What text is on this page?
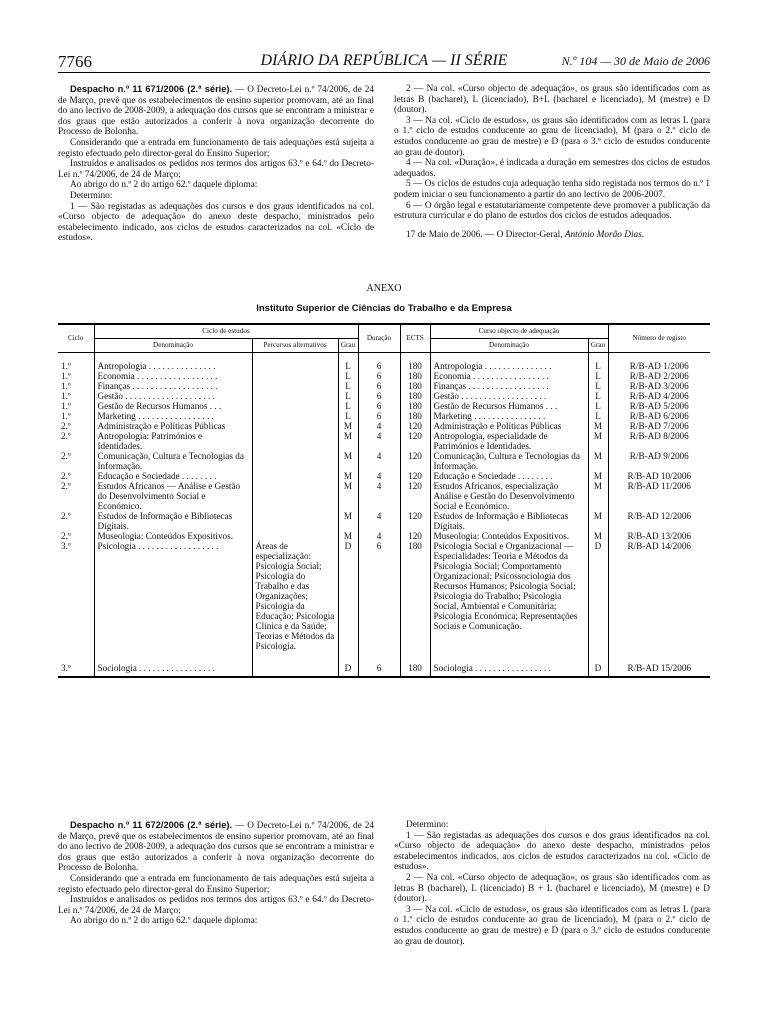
7766	DIÁRIO DA REPÚBLICA — II SÉRIE	N.º 104 — 30 de Maio de 2006

Despacho n.º 11 671/2006 (2.ª série). — O Decreto-Lei n.º 74/2006, de 24 de Março, prevê que os estabelecimentos de ensino superior promovam, até ao final do ano lectivo de 2008-2009, a adequação dos cursos que se encontram a ministrar e dos graus que estão autorizados a conferir à nova organização decorrente do Processo de Bolonha.

Considerando que a entrada em funcionamento de tais adequações está sujeita a registo efectuado pelo director-geral do Ensino Superior;

Instruídos e analisados os pedidos nos termos dos artigos 63.º e 64.º do Decreto-Lei n.º 74/2006, de 24 de Março;

Ao abrigo do n.º 2 do artigo 62.º daquele diploma:

Determino:

1 — São registadas as adequações dos cursos e dos graus identificados na col. «Curso objecto de adequação» do anexo deste despacho, ministrados pelo estabelecimento indicado, aos ciclos de estudos caracterizados na col. «Ciclo de estudos».

2 — Na col. «Curso objecto de adequação», os graus são identificados com as letras B (bacharel), L (licenciado), B+L (bacharel e licenciado), M (mestre) e D (doutor).

3 — Na col. «Ciclo de estudos», os graus são identificados com as letras L (para o 1.º ciclo de estudos conducente ao grau de licenciado), M (para o 2.º ciclo de estudos conducente ao grau de mestre) e D (para o 3.º ciclo de estudos conducente ao grau de doutor).

4 — Na col. «Duração», é indicada a duração em semestres dos ciclos de estudos adequados.

5 — Os ciclos de estudos cuja adequação tenha sido registada nos termos do n.º 1 podem iniciar o seu funcionamento a partir do ano lectivo de 2006-2007.

6 — O órgão legal e estatutariamente competente deve promover a publicação da estrutura curricular e do plano de estudos dos ciclos de estudos adequados.

17 de Maio de 2006. — O Director-Geral, António Morão Dias.

ANEXO
Instituto Superior de Ciências do Trabalho e da Empresa
Ciclo	Ciclo de estudos			Duração	ECTS	Curso objecto de adequação		Número de registo
	Denominação	Percursos alternativos	Grau			Denominação	Grau	
1.º	Antropologia . . . . . . . . . . . . . . .		L	6	180	Antropologia . . . . . . . . . . . . . . .	L	R/B-AD 1/2006
1.º	Economia . . . . . . . . . . . . . . . . . .		L	6	180	Economia . . . . . . . . . . . . . . . . .	L	R/B-AD 2/2006
1.º	Finanças . . . . . . . . . . . . . . . . . . .		L	6	180	Finanças . . . . . . . . . . . . . . . . . .	L	R/B-AD 3/2006
1.º	Gestão . . . . . . . . . . . . . . . . . . . .		L	6	180	Gestão . . . . . . . . . . . . . . . . . . .	L	R/B-AD 4/2006
1.º	Gestão de Recursos Humanos . . .		L	6	180	Gestão de Recursos Humanos . . .	L	R/B-AD 5/2006
1.º	Marketing . . . . . . . . . . . . . . . . .		L	6	180	Marketing . . . . . . . . . . . . . . . .	L	R/B-AD 6/2006
2.º	Administração e Políticas Públicas		M	4	120	Administração e Políticas Públicas	M	R/B-AD 7/2006
2.º	Antropologia: Patrimónios e Identidades.		M	4	120	Antropologia, especialidade de Patrimónios e Identidades.	M	R/B-AD 8/2006
2.º	Comunicação, Cultura e Tecnologias da Informação.		M	4	120	Comunicação, Cultura e Tecnologias da Informação.	M	R/B-AD 9/2006
2.º	Educação e Sociedade . . . . . . . .		M	4	120	Educação e Sociedade . . . . . . . .	M	R/B-AD 10/2006
2.º	Estudos Africanos — Análise e Gestão do Desenvolvimento Social e Económico.		M	4	120	Estudos Africanos, especialização Análise e Gestão do Desenvolvimento Social e Económico.	M	R/B-AD 11/2006
2.º	Estudos de Informação e Bibliotecas Digitais.		M	4	120	Estudos de Informação e Bibliotecas Digitais.	M	R/B-AD 12/2006
2.º	Museologia: Conteúdos Expositivos.		M	4	120	Museologia: Conteúdos Expositivos.	M	R/B-AD 13/2006
3.º	Psicologia . . . . . . . . . . . . . . . . . .	Áreas de especialização: Psicologia Social; Psicologia do Trabalho e das Organizações; Psicologia da Educação; Psicologia Clínica e da Saúde; Teorias e Métodos da Psicologia.	D	6	180	Psicologia Social e Organizacional — Especialidades: Teoria e Métodos da Psicologia Social; Comportamento Organizacional; Psicossociologia dos Recursos Humanos; Psicologia Social; Psicologia do Trabalho; Psicologia Social, Ambiental e Comunitária; Psicologia Económica; Representações Sociais e Comunicação.	D	R/B-AD 14/2006

3.º	Sociologia . . . . . . . . . . . . . . . . .		D	6	180	Sociologia . . . . . . . . . . . . . . . . .	D	R/B-AD 15/2006

Despacho n.º 11 672/2006 (2.ª série). — O Decreto-Lei n.º 74/2006, de 24 de Março, prevê que os estabelecimentos de ensino superior promovam, até ao final do ano lectivo de 2008-2009, a adequação dos cursos que se encontram a ministrar e dos graus que estão autorizados a conferir à nova organização decorrente do Processo de Bolonha.

Considerando que a entrada em funcionamento de tais adequações está sujeita a registo efectuado pelo director-geral do Ensino Superior;

Instruídos e analisados os pedidos nos termos dos artigos 63.º e 64.º do Decreto-Lei n.º 74/2006, de 24 de Março;

Ao abrigo do n.º 2 do artigo 62.º daquele diploma:

Determino:

1 — São registadas as adequações dos cursos e dos graus identificados na col. «Curso objecto de adequação» do anexo deste despacho, ministrados pelos estabelecimentos indicados, aos ciclos de estudos caracterizados na col. «Ciclo de estudos».

2 — Na col. «Curso objecto de adequação», os graus são identificados com as letras B (bacharel), L (licenciado) B + L (bacharel e licenciado), M (mestre) e D (doutor).

3 — Na col. «Ciclo de estudos», os graus são identificados com as letras L (para o 1.º ciclo de estudos conducente ao grau de licenciado), M (para o 2.º ciclo de estudos conducente ao grau de mestre) e D (para o 3.º ciclo de estudos conducente ao grau de doutor).
